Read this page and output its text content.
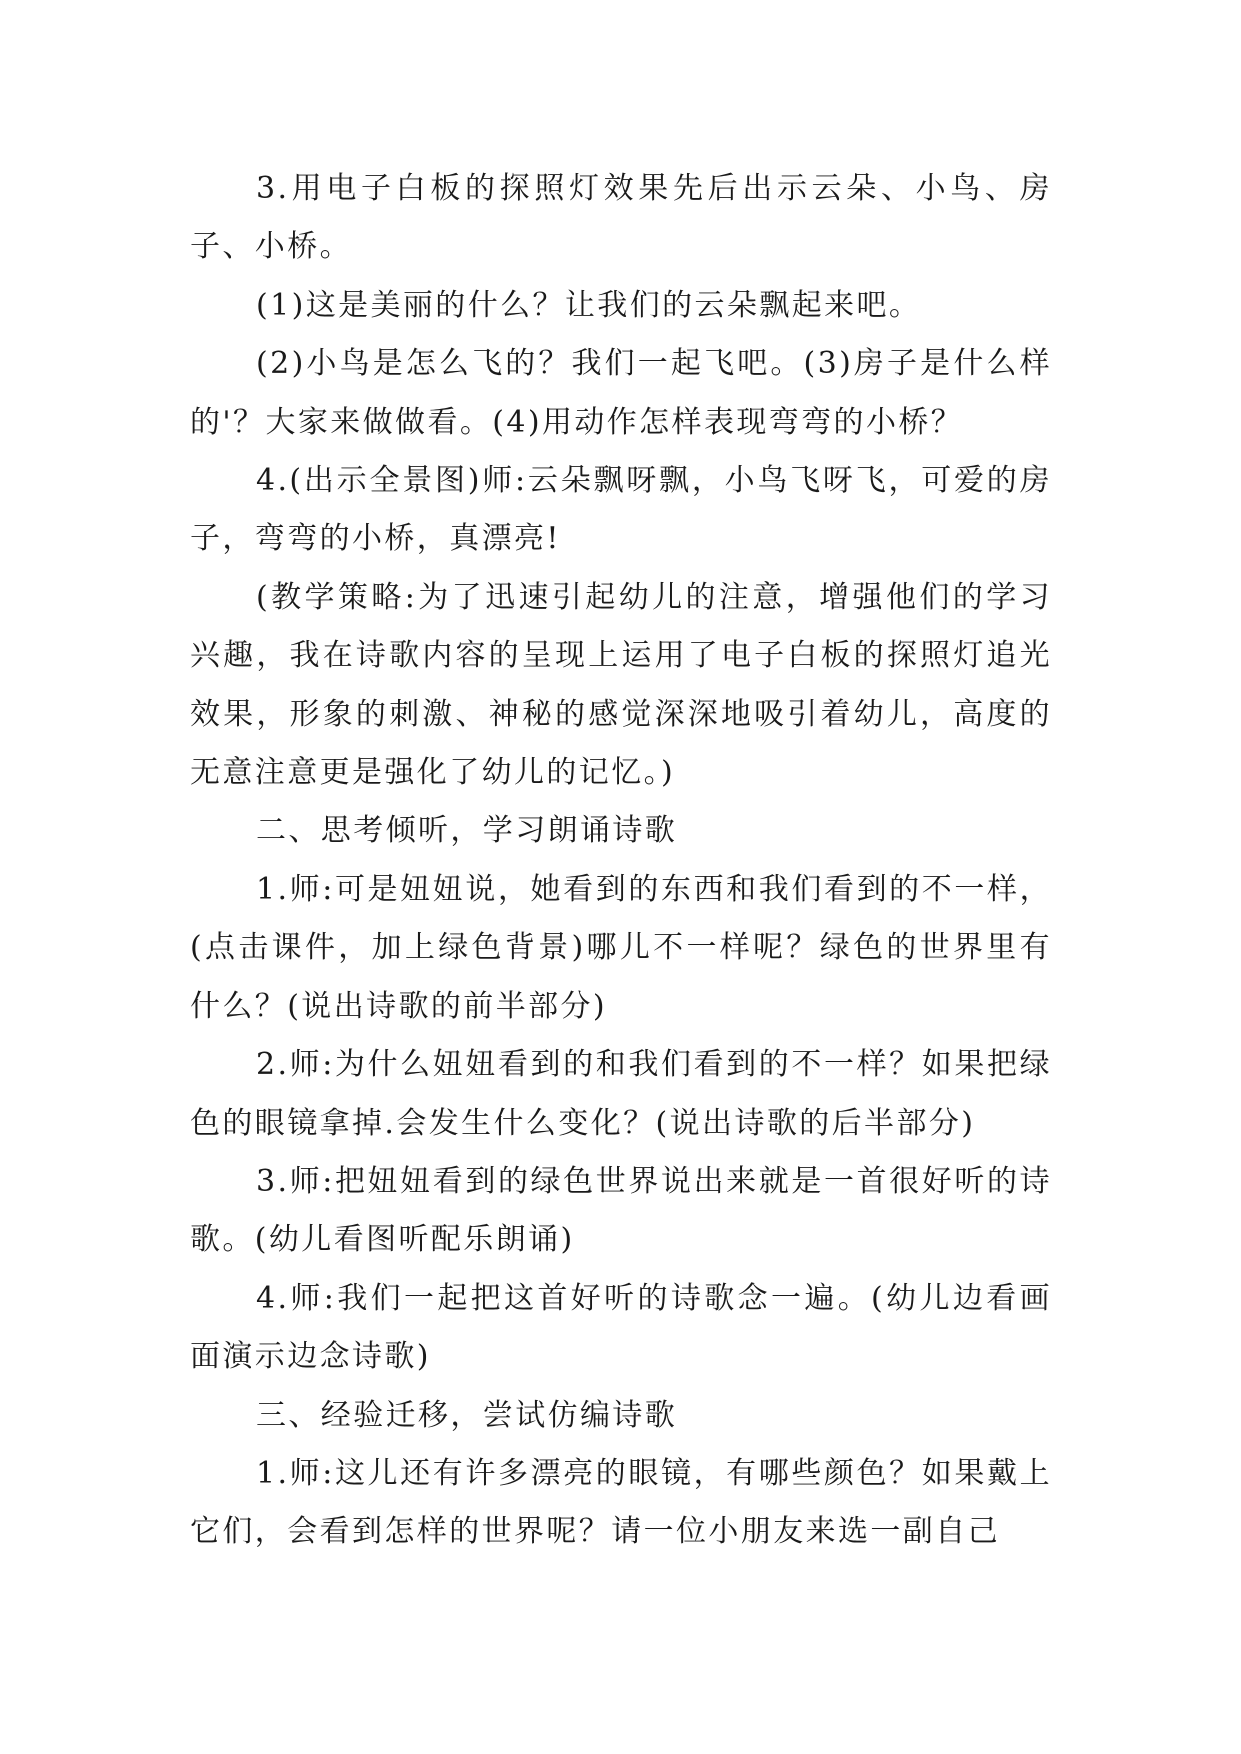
3.用电子白板的探照灯效果先后出示云朵、小鸟、房子、小桥。

(1)这是美丽的什么？让我们的云朵飘起来吧。

(2)小鸟是怎么飞的？我们一起飞吧。(3)房子是什么样的'？大家来做做看。(4)用动作怎样表现弯弯的小桥？

4.(出示全景图)师:云朵飘呀飘，小鸟飞呀飞，可爱的房子，弯弯的小桥，真漂亮!

(教学策略:为了迅速引起幼儿的注意，增强他们的学习兴趣，我在诗歌内容的呈现上运用了电子白板的探照灯追光效果，形象的刺激、神秘的感觉深深地吸引着幼儿，高度的无意注意更是强化了幼儿的记忆。)

二、思考倾听，学习朗诵诗歌

1.师:可是妞妞说，她看到的东西和我们看到的不一样，(点击课件，加上绿色背景)哪儿不一样呢？绿色的世界里有什么？(说出诗歌的前半部分)

2.师:为什么妞妞看到的和我们看到的不一样？如果把绿色的眼镜拿掉.会发生什么变化？(说出诗歌的后半部分)

3.师:把妞妞看到的绿色世界说出来就是一首很好听的诗歌。(幼儿看图听配乐朗诵)

4.师:我们一起把这首好听的诗歌念一遍。(幼儿边看画面演示边念诗歌)

三、经验迁移，尝试仿编诗歌

1.师:这儿还有许多漂亮的眼镜，有哪些颜色？如果戴上它们，会看到怎样的世界呢？请一位小朋友来选一副自己
